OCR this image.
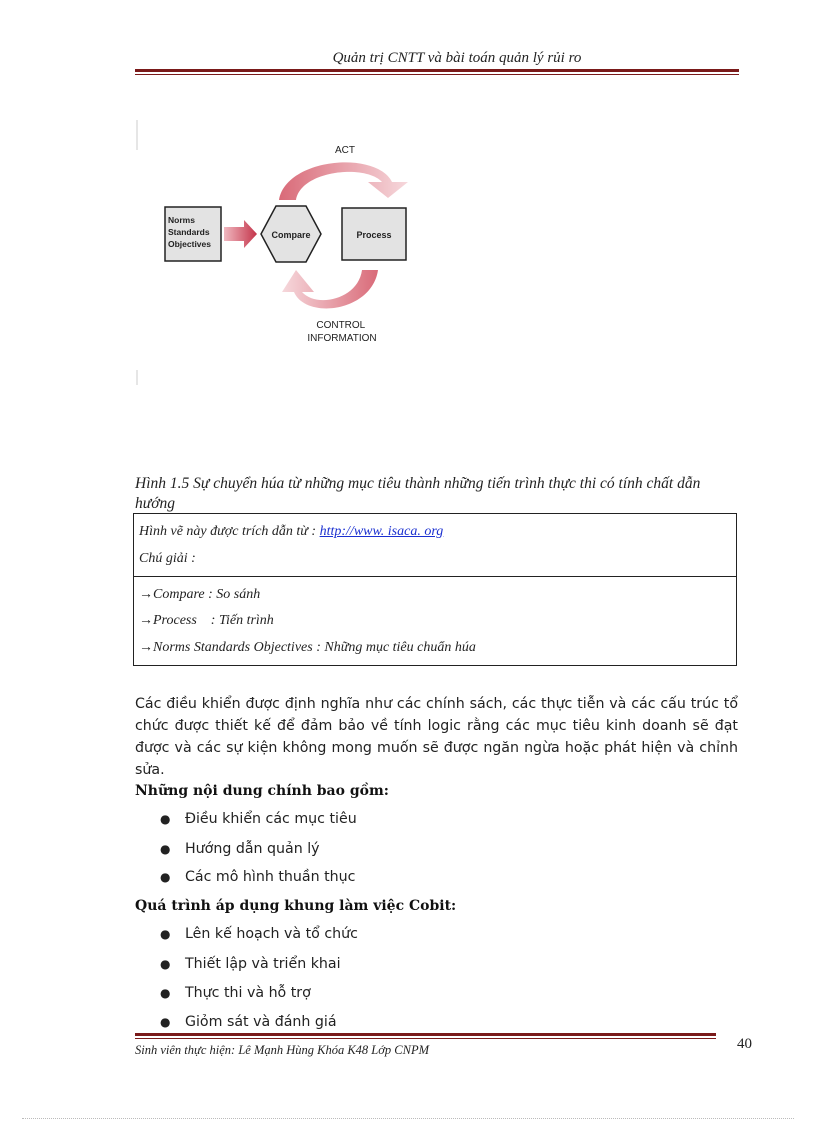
Quản trị CNTT và bài toán quản lý rủi ro
ACT
Norms Standards Objectives
Compare	Process
CONTROL INFORMATION
Hình 1.5 Sự chuyển húa từ những mục tiêu thành những tiến trình thực thi có tính chất dẫn hướng
Hình vẽ này được trích dẫn từ : http://www. isaca. org
Chú giải :
→Compare : So sánh
→Process    : Tiến trình
→Norms Standards Objectives : Những mục tiêu chuẩn húa
Các điều khiển được định nghĩa như các chính sách, các thực tiễn và các cấu trúc tổ chức được thiết kế để đảm bảo về tính logic rằng các mục tiêu kinh doanh sẽ đạt được và các sự kiện không mong muốn sẽ được ngăn ngừa hoặc phát hiện và chỉnh sửa.
Những nội dung chính bao gồm:
● Điều khiển các mục tiêu
● Hướng dẫn quản lý
● Các mô hình thuần thục
Quá trình áp dụng khung làm việc Cobit:
● Lên kế hoạch và tổ chức
● Thiết lập và triển khai
● Thực thi và hỗ trợ
● Giỏm sát và đánh giá
Sinh viên thực hiện: Lê Mạnh Hùng Khóa K48 Lớp CNPM	40
